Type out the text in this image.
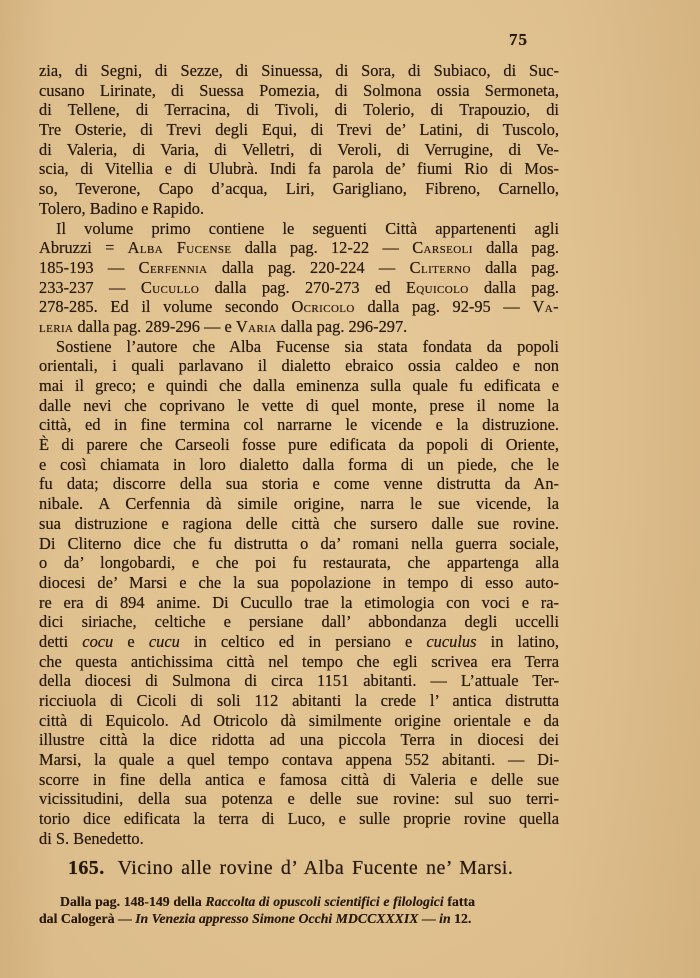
75
zia, di Segni, di Sezze, di Sinuessa, di Sora, di Subiaco, di Suc-
cusano Lirinate, di Suessa Pomezia, di Solmona ossia Sermoneta,
di Tellene, di Terracina, di Tivoli, di Tolerio, di Trapouzio, di
Tre Osterie, di Trevi degli Equi, di Trevi de’ Latini, di Tuscolo,
di Valeria, di Varia, di Velletri, di Veroli, di Verrugine, di Ve-
scia, di Vitellia e di Ulubrà. Indi fa parola de’ fiumi Rio di Mos-
so, Teverone, Capo d’acqua, Liri, Garigliano, Fibreno, Carnello,
Tolero, Badino e Rapido.
Il volume primo contiene le seguenti Città appartenenti agli
Abruzzi = Alba Fucense dalla pag. 12-22 — Carseoli dalla pag.
185-193 — Cerfennia dalla pag. 220-224 — Cliterno dalla pag.
233-237 — Cucullo dalla pag. 270-273 ed Equicolo dalla pag.
278-285. Ed il volume secondo Ocricolo dalla pag. 92-95 — Va-
leria dalla pag. 289-296 — e Varia dalla pag. 296-297.
Sostiene l’autore che Alba Fucense sia stata fondata da popoli
orientali, i quali parlavano il dialetto ebraico ossia caldeo e non
mai il greco; e quindi che dalla eminenza sulla quale fu edificata e
dalle nevi che coprivano le vette di quel monte, prese il nome la
città, ed in fine termina col narrarne le vicende e la distruzione.
È di parere che Carseoli fosse pure edificata da popoli di Oriente,
e così chiamata in loro dialetto dalla forma di un piede, che le
fu data; discorre della sua storia e come venne distrutta da An-
nibale. A Cerfennia dà simile origine, narra le sue vicende, la
sua distruzione e ragiona delle città che sursero dalle sue rovine.
Di Cliterno dice che fu distrutta o da’ romani nella guerra sociale,
o da’ longobardi, e che poi fu restaurata, che appartenga alla
diocesi de’ Marsi e che la sua popolazione in tempo di esso auto-
re era di 894 anime. Di Cucullo trae la etimologia con voci e ra-
dici siriache, celtiche e persiane dall’ abbondanza degli uccelli
detti cocu e cucu in celtico ed in persiano e cuculus in latino,
che questa antichissima città nel tempo che egli scrivea era Terra
della diocesi di Sulmona di circa 1151 abitanti. — L’attuale Ter-
ricciuola di Cicoli di soli 112 abitanti la crede l’ antica distrutta
città di Equicolo. Ad Otricolo dà similmente origine orientale e da
illustre città la dice ridotta ad una piccola Terra in diocesi dei
Marsi, la quale a quel tempo contava appena 552 abitanti. — Di-
scorre in fine della antica e famosa città di Valeria e delle sue
vicissitudini, della sua potenza e delle sue rovine: sul suo terri-
torio dice edificata la terra di Luco, e sulle proprie rovine quella
di S. Benedetto.
165. Vicino alle rovine d’ Alba Fucente ne’ Marsi.
Dalla pag. 148-149 della Raccolta di opuscoli scientifici e filologici fatta
dal Calogerà — In Venezia appresso Simone Occhi MDCCXXXIX — in 12.
